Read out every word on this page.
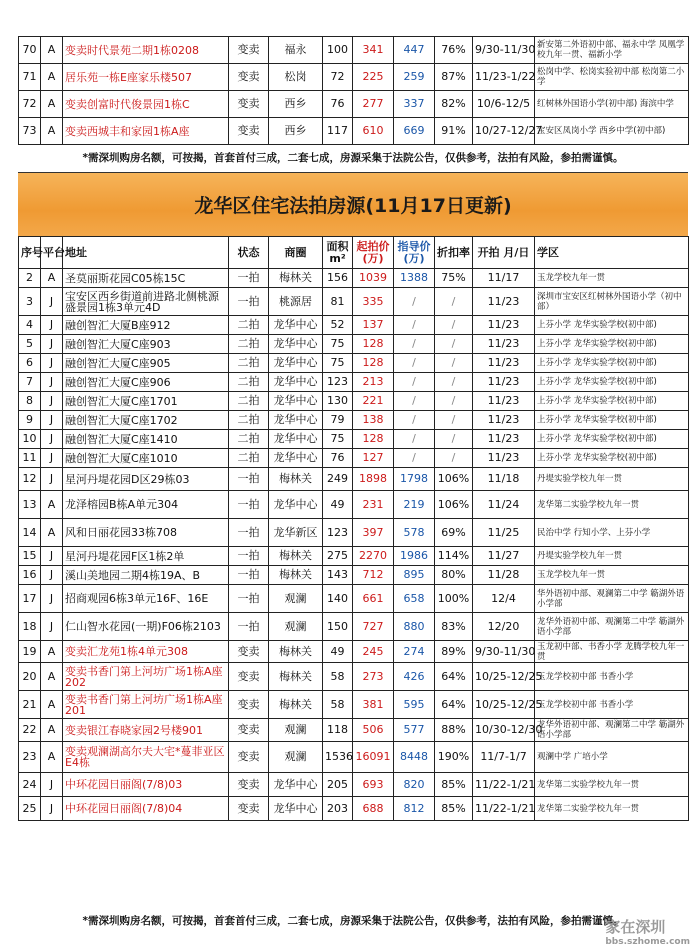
70	A	变卖时代景苑二期1栋0208	变卖	福永	100	341	447	76%	9/30-11/30	新安第二外语初中部、福永中学 凤凰学校九年一贯、福新小学
71	A	居乐苑一栋E座家乐楼507	变卖	松岗	72	225	259	87%	11/23-1/22	松岗中学、松岗实验初中部 松岗第二小学
72	A	变卖创富时代俊景园1栋C	变卖	西乡	76	277	337	82%	10/6-12/5	红树林外国语小学(初中部) 海滨中学
73	A	变卖西城丰和家园1栋A座	变卖	西乡	117	610	669	91%	10/27-12/27	宝安区凤岗小学 西乡中学(初中部)
*需深圳购房名额，可按揭，首套首付三成，二套七成，房源采集于法院公告，仅供参考，法拍有风险，参拍需谨慎。
龙华区住宅法拍房源(11月17日更新)
序号	平台	地址	状态	商圈	面积m²	起拍价(万)	指导价(万)	折扣率	开拍 月/日	学区
2	A	圣莫丽斯花园C05栋15C	一拍	梅林关	156	1039	1388	75%	11/17	玉龙学校九年一贯
3	J	宝安区西乡街道前进路北侧桃源盛景园1栋3单元4D	一拍	桃源居	81	335	/	/	11/23	深圳市宝安区红树林外国语小学（初中部）
4	J	融创智汇大厦B座912	二拍	龙华中心	52	137	/	/	11/23	上芬小学 龙华实验学校(初中部)
5	J	融创智汇大厦C座903	二拍	龙华中心	75	128	/	/	11/23	上芬小学 龙华实验学校(初中部)
6	J	融创智汇大厦C座905	二拍	龙华中心	75	128	/	/	11/23	上芬小学 龙华实验学校(初中部)
7	J	融创智汇大厦C座906	二拍	龙华中心	123	213	/	/	11/23	上芬小学 龙华实验学校(初中部)
8	J	融创智汇大厦C座1701	二拍	龙华中心	130	221	/	/	11/23	上芬小学 龙华实验学校(初中部)
9	J	融创智汇大厦C座1702	二拍	龙华中心	79	138	/	/	11/23	上芬小学 龙华实验学校(初中部)
10	J	融创智汇大厦C座1410	二拍	龙华中心	75	128	/	/	11/23	上芬小学 龙华实验学校(初中部)
11	J	融创智汇大厦C座1010	二拍	龙华中心	76	127	/	/	11/23	上芬小学 龙华实验学校(初中部)
12	J	星河丹堤花园D区29栋03	一拍	梅林关	249	1898	1798	106%	11/18	丹堤实验学校九年一贯
13	A	龙泽榕园B栋A单元304	一拍	龙华中心	49	231	219	106%	11/24	龙华第二实验学校九年一贯
14	A	风和日丽花园33栋708	一拍	龙华新区	123	397	578	69%	11/25	民治中学 行知小学、上芬小学
15	J	星河丹堤花园F区1栋2单	一拍	梅林关	275	2270	1986	114%	11/27	丹堤实验学校九年一贯
16	J	溪山美地园二期4栋19A、B	一拍	梅林关	143	712	895	80%	11/28	玉龙学校九年一贯
17	J	招商观园6栋3单元16F、16E	一拍	观澜	140	661	658	100%	12/4	华外语初中部、观澜第二中学 簕湖外语小学部
18	J	仁山智水花园(一期)F06栋2103	一拍	观澜	150	727	880	83%	12/20	龙华外语初中部、观澜第二中学 簕湖外语小学部
19	A	变卖汇龙苑1栋4单元308	变卖	梅林关	49	245	274	89%	9/30-11/30	玉龙初中部、书香小学 龙腾学校九年一贯
20	A	变卖书香门第上河坊广场1栋A座202	变卖	梅林关	58	273	426	64%	10/25-12/25	玉龙学校初中部 书香小学
21	A	变卖书香门第上河坊广场1栋A座201	变卖	梅林关	58	381	595	64%	10/25-12/25	玉龙学校初中部 书香小学
22	A	变卖银江春晓家园2号楼901	变卖	观澜	118	506	577	88%	10/30-12/30	龙华外语初中部、观澜第二中学 簕湖外语小学部
23	A	变卖观澜湖高尔夫大宅*蔓菲亚区E4栋	变卖	观澜	1536	16091	8448	190%	11/7-1/7	观澜中学 广培小学
24	J	中环花园日丽阁(7/8)03	变卖	龙华中心	205	693	820	85%	11/22-1/21	龙华第二实验学校九年一贯
25	J	中环花园日丽阁(7/8)04	变卖	龙华中心	203	688	812	85%	11/22-1/21	龙华第二实验学校九年一贯
*需深圳购房名额，可按揭，首套首付三成，二套七成，房源采集于法院公告，仅供参考，法拍有风险，参拍需谨慎。
家在深圳
bbs.szhome.com
